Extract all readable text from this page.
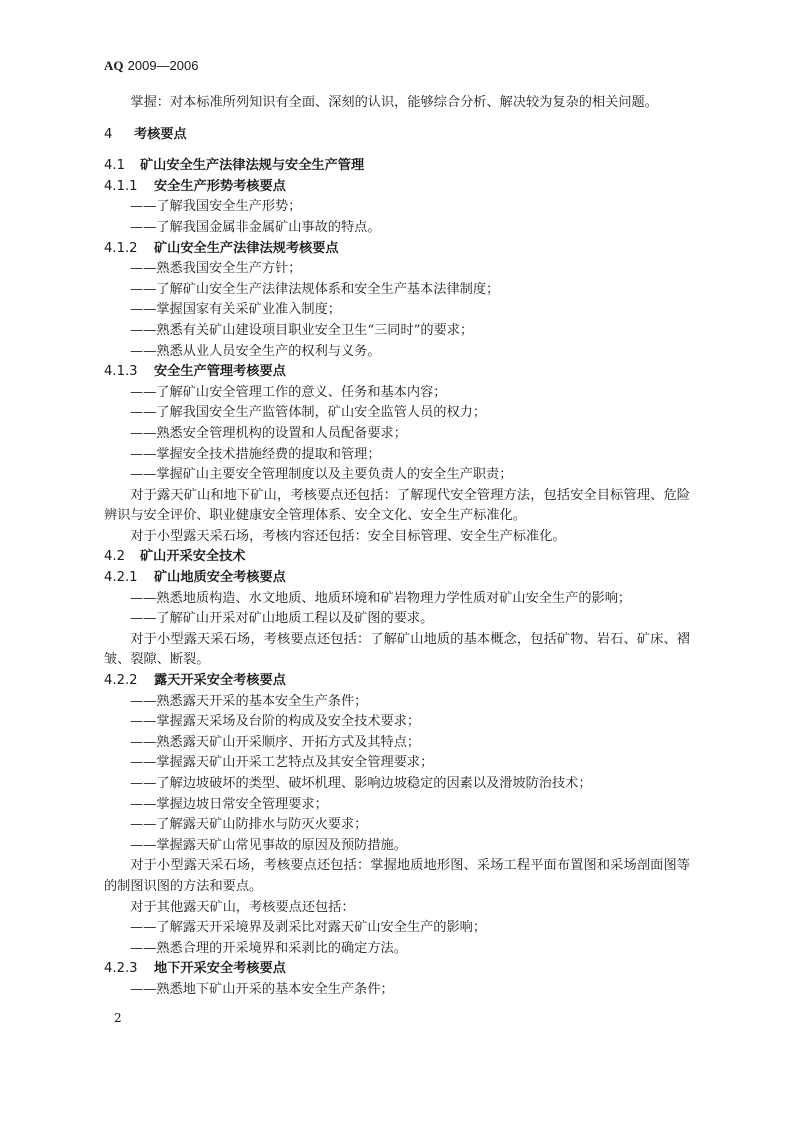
AQ 2009—2006

掌握：对本标准所列知识有全面、深刻的认识，能够综合分析、解决较为复杂的相关问题。

4 考核要点

4.1 矿山安全生产法律法规与安全生产管理

4.1.1 安全生产形势考核要点

——了解我国安全生产形势；

——了解我国金属非金属矿山事故的特点。

4.1.2 矿山安全生产法律法规考核要点

——熟悉我国安全生产方针；

——了解矿山安全生产法律法规体系和安全生产基本法律制度；

——掌握国家有关采矿业准入制度；

——熟悉有关矿山建设项目职业安全卫生“三同时”的要求；

——熟悉从业人员安全生产的权利与义务。

4.1.3 安全生产管理考核要点

——了解矿山安全管理工作的意义、任务和基本内容；

——了解我国安全生产监管体制，矿山安全监管人员的权力；

——熟悉安全管理机构的设置和人员配备要求；

——掌握安全技术措施经费的提取和管理；

——掌握矿山主要安全管理制度以及主要负责人的安全生产职责；

对于露天矿山和地下矿山，考核要点还包括：了解现代安全管理方法，包括安全目标管理、危险辨识与安全评价、职业健康安全管理体系、安全文化、安全生产标准化。

对于小型露天采石场，考核内容还包括：安全目标管理、安全生产标准化。

4.2 矿山开采安全技术

4.2.1 矿山地质安全考核要点

——熟悉地质构造、水文地质、地质环境和矿岩物理力学性质对矿山安全生产的影响；

——了解矿山开采对矿山地质工程以及矿图的要求。

对于小型露天采石场，考核要点还包括：了解矿山地质的基本概念，包括矿物、岩石、矿床、褶皱、裂隙、断裂。

4.2.2 露天开采安全考核要点

——熟悉露天开采的基本安全生产条件；

——掌握露天采场及台阶的构成及安全技术要求；

——熟悉露天矿山开采顺序、开拓方式及其特点；

——掌握露天矿山开采工艺特点及其安全管理要求；

——了解边坡破坏的类型、破坏机理、影响边坡稳定的因素以及滑坡防治技术；

——掌握边坡日常安全管理要求；

——了解露天矿山防排水与防灭火要求；

——掌握露天矿山常见事故的原因及预防措施。

对于小型露天采石场，考核要点还包括：掌握地质地形图、采场工程平面布置图和采场剖面图等的制图识图的方法和要点。

对于其他露天矿山，考核要点还包括：

——了解露天开采境界及剥采比对露天矿山安全生产的影响；

——熟悉合理的开采境界和采剥比的确定方法。

4.2.3 地下开采安全考核要点

——熟悉地下矿山开采的基本安全生产条件；

2
